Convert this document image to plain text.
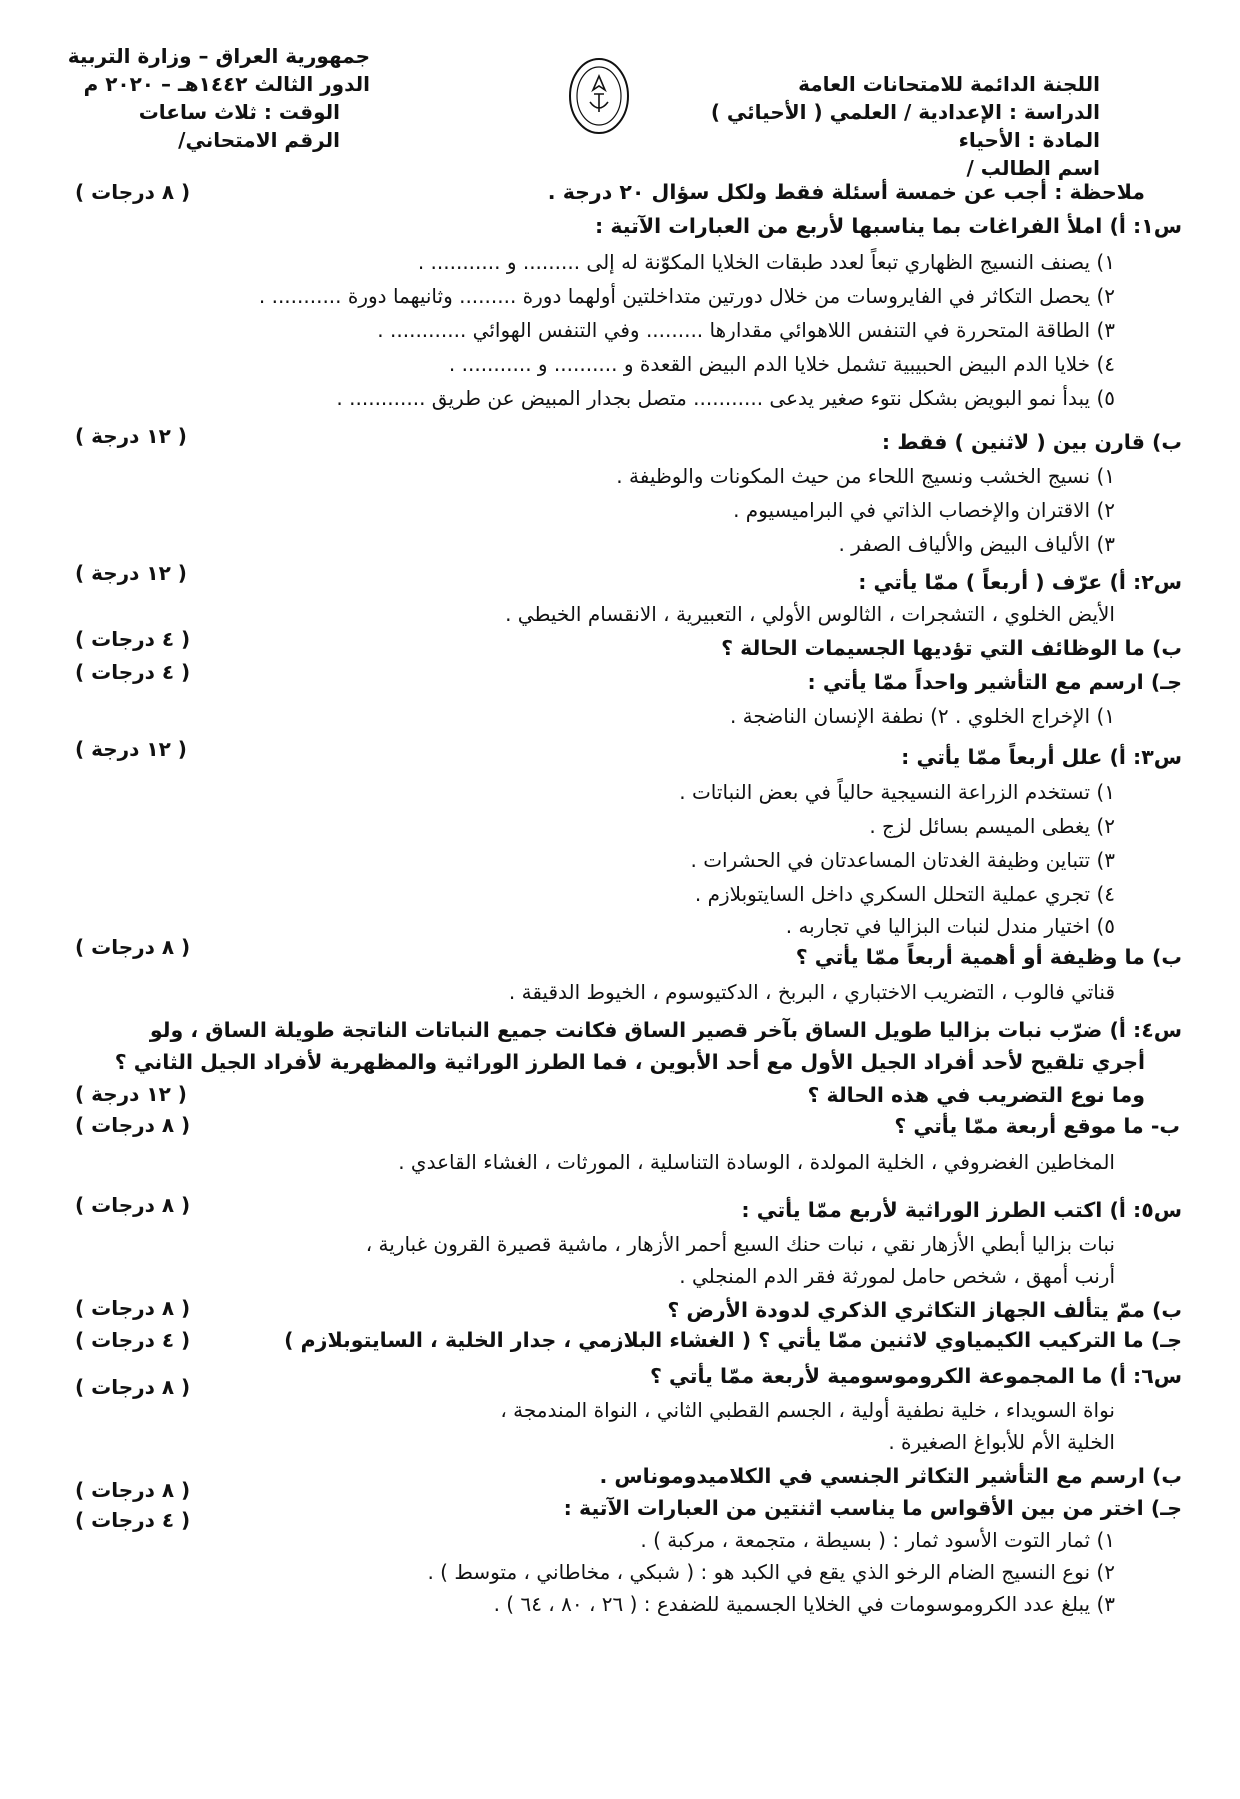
جمهورية العراق – وزارة التربية
الدور الثالث ١٤٤٢هـ – ٢٠٢٠ م
الوقت : ثلاث ساعات
الرقم الامتحاني/
اللجنة الدائمة للامتحانات العامة
الدراسة : الإعدادية / العلمي ( الأحيائي )
المادة : الأحياء
اسم الطالب /
ملاحظة : أجب عن خمسة أسئلة فقط ولكل سؤال ٢٠ درجة .
( ٨ درجات )
( ١٢ درجة )
( ١٢ درجة )
( ٤ درجات )
( ٤ درجات )
( ١٢ درجة )
( ٨ درجات )
( ١٢ درجة )
( ٨ درجات )
( ٨ درجات )
( ٨ درجات )
( ٤ درجات )
( ٨ درجات )
( ٨ درجات )
( ٤ درجات )
س١: أ) املأ الفراغات بما يناسبها لأربع من العبارات الآتية :
١) يصنف النسيج الظهاري تبعاً لعدد طبقات الخلايا المكوّنة له إلى ......... و ........... .
٢) يحصل التكاثر في الفايروسات من خلال دورتين متداخلتين أولهما دورة ......... وثانيهما دورة ........... .
٣) الطاقة المتحررة في التنفس اللاهوائي مقدارها ......... وفي التنفس الهوائي ............ .
٤) خلايا الدم البيض الحبيبية تشمل خلايا الدم البيض القعدة و .......... و ........... .
٥) يبدأ نمو البويض بشكل نتوء صغير يدعى ........... متصل بجدار المبيض عن طريق ............ .
ب) قارن بين ( لاثنين ) فقط :
١) نسيج الخشب ونسيج اللحاء من حيث المكونات والوظيفة .
٢) الاقتران والإخصاب الذاتي في البراميسيوم .
٣) الألياف البيض والألياف الصفر .
س٢: أ) عرّف ( أربعاً ) ممّا يأتي :
الأيض الخلوي ، التشجرات ، الثالوس الأولي ، التعبيرية ، الانقسام الخيطي .
ب) ما الوظائف التي تؤديها الجسيمات الحالة ؟
جـ) ارسم مع التأشير واحداً ممّا يأتي :
١) الإخراج الخلوي . ٢) نطفة الإنسان الناضجة .
س٣: أ) علل أربعاً ممّا يأتي :
١) تستخدم الزراعة النسيجية حالياً في بعض النباتات .
٢) يغطى الميسم بسائل لزج .
٣) تتباين وظيفة الغدتان المساعدتان في الحشرات .
٤) تجري عملية التحلل السكري داخل السايتوبلازم .
٥) اختيار مندل لنبات البزاليا في تجاربه .
ب) ما وظيفة أو أهمية أربعاً ممّا يأتي ؟
قناتي فالوب ، التضريب الاختباري ، البربخ ، الدكتيوسوم ، الخيوط الدقيقة .
س٤: أ) ضرّب نبات بزاليا طويل الساق بآخر قصير الساق فكانت جميع النباتات الناتجة طويلة الساق ، ولو
أجري تلقيح لأحد أفراد الجيل الأول مع أحد الأبوين ، فما الطرز الوراثية والمظهرية لأفراد الجيل الثاني ؟
وما نوع التضريب في هذه الحالة ؟
ب- ما موقع أربعة ممّا يأتي ؟
المخاطين الغضروفي ، الخلية المولدة ، الوسادة التناسلية ، المورثات ، الغشاء القاعدي .
س٥: أ) اكتب الطرز الوراثية لأربع ممّا يأتي :
نبات بزاليا أبطي الأزهار نقي ، نبات حنك السبع أحمر الأزهار ، ماشية قصيرة القرون غبارية ،
أرنب أمهق ، شخص حامل لمورثة فقر الدم المنجلي .
ب) ممّ يتألف الجهاز التكاثري الذكري لدودة الأرض ؟
جـ) ما التركيب الكيمياوي لاثنين ممّا يأتي ؟ ( الغشاء البلازمي ، جدار الخلية ، السايتوبلازم )
س٦: أ) ما المجموعة الكروموسومية لأربعة ممّا يأتي ؟
نواة السويداء ، خلية نطفية أولية ، الجسم القطبي الثاني ، النواة المندمجة ،
الخلية الأم للأبواغ الصغيرة .
ب) ارسم مع التأشير التكاثر الجنسي في الكلاميدوموناس .
جـ) اختر من بين الأقواس ما يناسب اثنتين من العبارات الآتية :
١) ثمار التوت الأسود ثمار : ( بسيطة ، متجمعة ، مركبة ) .
٢) نوع النسيج الضام الرخو الذي يقع في الكبد هو : ( شبكي ، مخاطاني ، متوسط ) .
٣) يبلغ عدد الكروموسومات في الخلايا الجسمية للضفدع : ( ٢٦ ، ٨٠ ، ٦٤ ) .
